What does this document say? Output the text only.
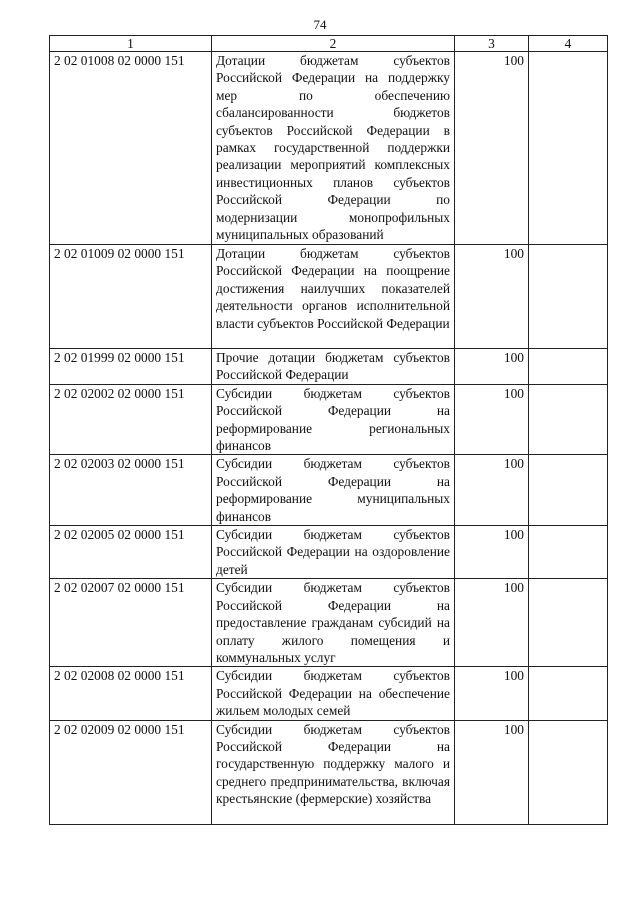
74
1	2	3	4
2 02 01008 02 0000 151	Дотации бюджетам субъектов Российской Федерации на поддержку мер по обеспечению сбалансированности бюджетов субъектов Российской Федерации в рамках государственной поддержки реализации мероприятий комплексных инвестиционных планов субъектов Российской Федерации по модернизации монопрофильных муниципальных образований	100	
2 02 01009 02 0000 151	Дотации бюджетам субъектов Российской Федерации на поощрение достижения наилучших показателей деятельности органов исполнительной власти субъектов Российской Федерации	100	
2 02 01999 02 0000 151	Прочие дотации бюджетам субъектов Российской Федерации	100	
2 02 02002 02 0000 151	Субсидии бюджетам субъектов Российской Федерации на реформирование региональных финансов	100	
2 02 02003 02 0000 151	Субсидии бюджетам субъектов Российской Федерации на реформирование муниципальных финансов	100	
2 02 02005 02 0000 151	Субсидии бюджетам субъектов Российской Федерации на оздоровление детей	100	
2 02 02007 02 0000 151	Субсидии бюджетам субъектов Российской Федерации на предоставление гражданам субсидий на оплату жилого помещения и коммунальных услуг	100	
2 02 02008 02 0000 151	Субсидии бюджетам субъектов Российской Федерации на обеспечение жильем молодых семей	100	
2 02 02009 02 0000 151	Субсидии бюджетам субъектов Российской Федерации на государственную поддержку малого и среднего предпринимательства, включая крестьянские (фермерские) хозяйства	100	
